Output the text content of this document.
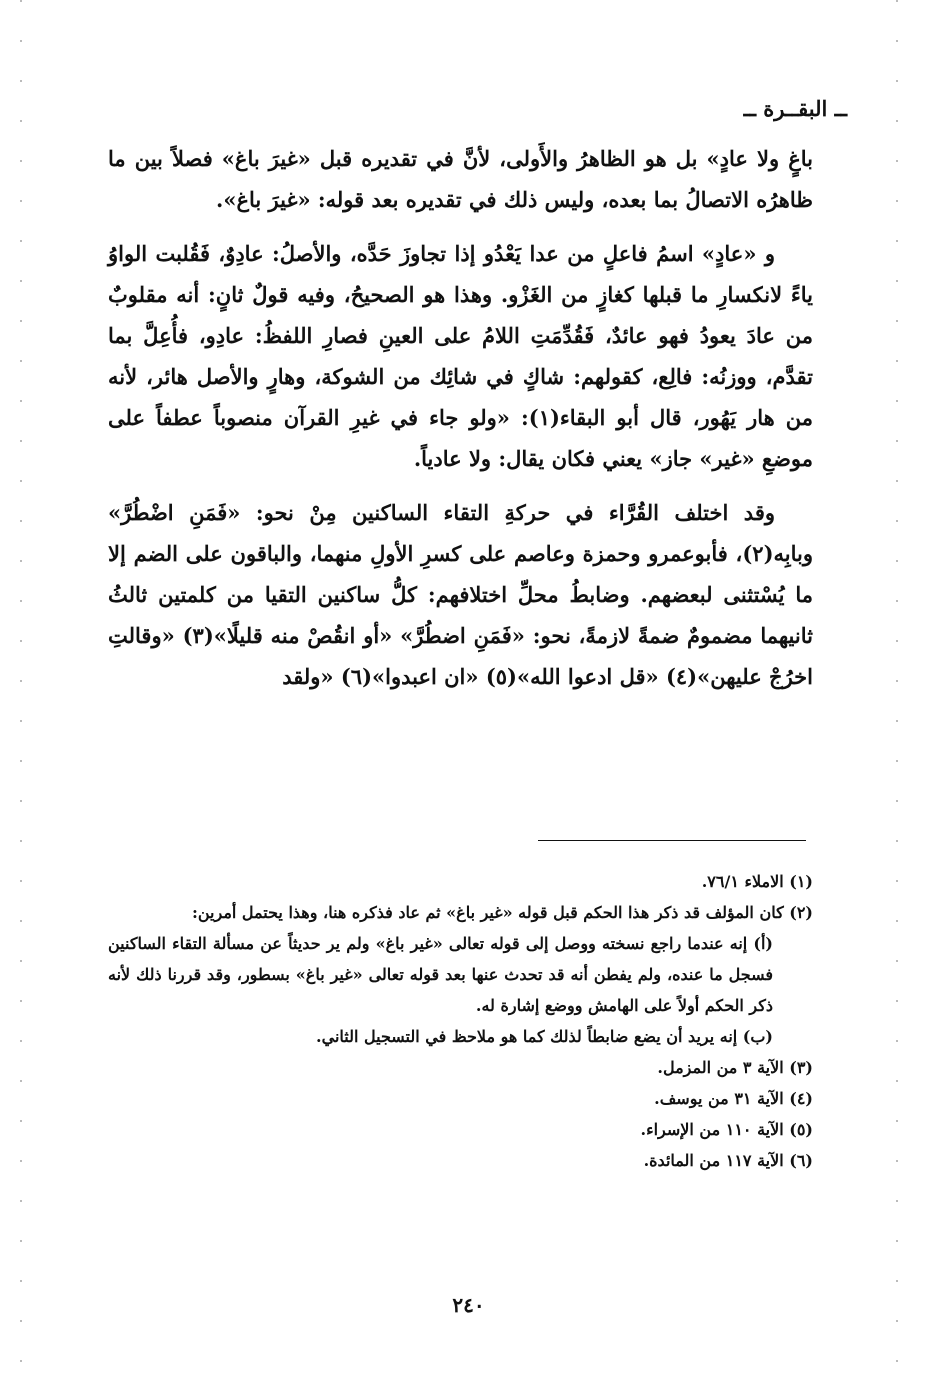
ــ البقــرة ــ

باغٍ ولا عادٍ» بل هو الظاهرُ والأَولى، لأنَّ في تقديره قبل «غيرَ باغ» فصلاً بين ما ظاهرُه الاتصالُ بما بعده، وليس ذلك في تقديره بعد قوله: «غيرَ باغ».

و «عادٍ» اسمُ فاعلٍ من عدا يَعْدُو إذا تجاوزَ حَدَّه، والأصلُ: عادِوٌ، فَقُلبت الواوُ ياءً لانكسارِ ما قبلها كغازٍ من الغَزْو. وهذا هو الصحيحُ، وفيه قولٌ ثانٍ: أنه مقلوبٌ من عادَ يعودُ فهو عائدٌ، فَقُدِّمَتِ اللامُ على العينِ فصارِ اللفظُ: عادِو، فأُعِلَّ بما تقدَّم، ووزنُه: فالِع، كقولهم: شاكٍ في شائِك من الشوكة، وهارٍ والأصل هائر، لأنه من هار يَهُور، قال أبو البقاء(١): «ولو جاء في غيرِ القرآن منصوباً عطفاً على موضعِ «غير» جاز» يعني فكان يقال: ولا عادياً.

وقد اختلف القُرَّاء في حركةِ التقاء الساكنين مِنْ نحو: «فَمَنِ اضْطُرَّ» وبابِه(٢)، فأبوعمرو وحمزة وعاصم على كسرِ الأولِ منهما، والباقون على الضم إلا ما يُسْتثنى لبعضهم. وضابطُ محلِّ اختلافهم: كلُّ ساكنين التقيا من كلمتين ثالثُ ثانيهما مضمومٌ ضمةً لازمةً، نحو: «فَمَنِ اضطُرَّ» «أو انقُصْ منه قليلًا»(٣) «وقالتِ اخرُجْ عليهن»(٤) «قل ادعوا الله»(٥) «ان اعبدوا»(٦) «ولقد

(١) الاملاء ٧٦/١.

(٢) كان المؤلف قد ذكر هذا الحكم قبل قوله «غير باغ» ثم عاد فذكره هنا، وهذا يحتمل أمرين:

(أ) إنه عندما راجع نسخته ووصل إلى قوله تعالى «غير باغ» ولم ير حديثاً عن مسألة التقاء الساكنين فسجل ما عنده، ولم يفطن أنه قد تحدث عنها بعد قوله تعالى «غير باغ» بسطور، وقد قررنا ذلك لأنه ذكر الحكم أولاً على الهامش ووضع إشارة له.

(ب) إنه يريد أن يضع ضابطاً لذلك كما هو ملاحظ في التسجيل الثاني.

(٣) الآية ٣ من المزمل.

(٤) الآية ٣١ من يوسف.

(٥) الآية ١١٠ من الإسراء.

(٦) الآية ١١٧ من المائدة.

٢٤٠
